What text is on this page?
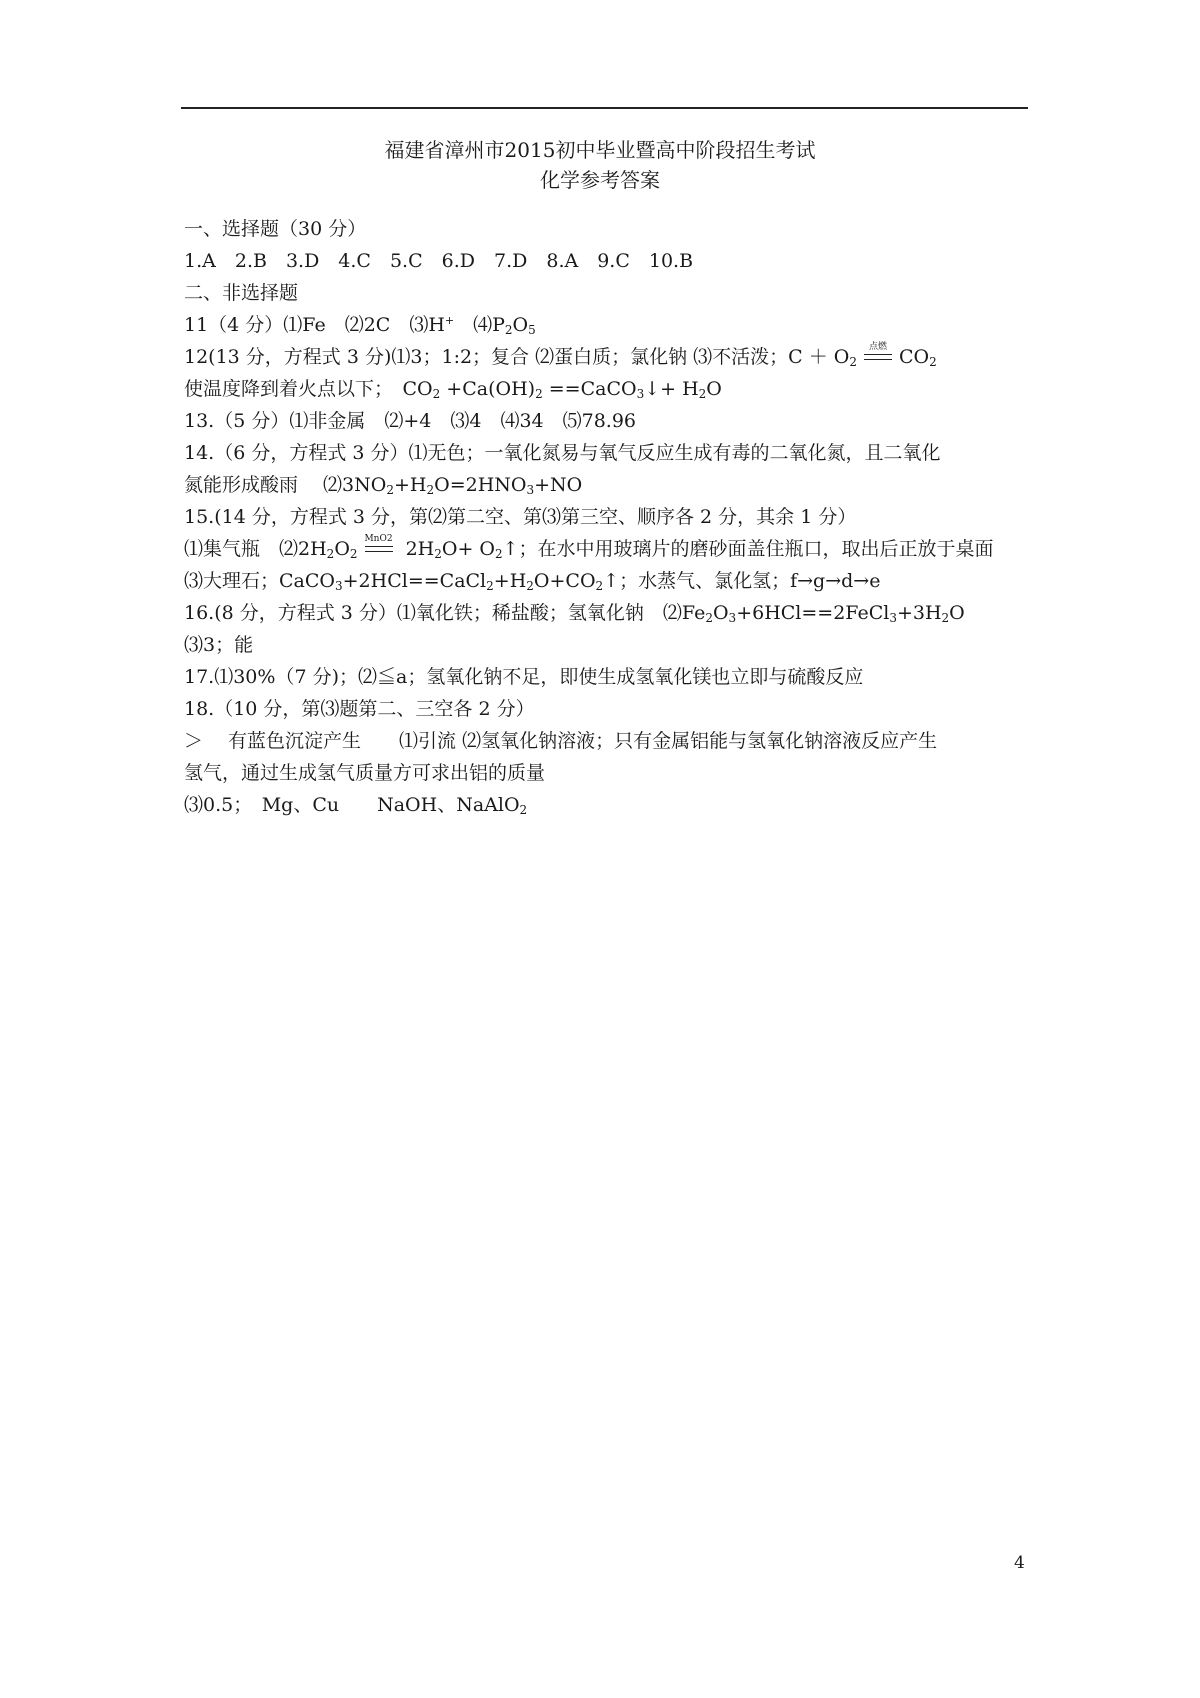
福建省漳州市2015初中毕业暨高中阶段招生考试
化学参考答案
一、选择题（30 分）
1.A　2.B　3.D　4.C　5.C　6.D　7.D　8.A　9.C　10.B
二、非选择题
11（4 分）⑴Fe　⑵2C　⑶H+　$⑷P_2O_5$
12(13 分，方程式 3 分)⑴3；1:2；复合 ⑵蛋白质；氯化钠 ⑶不活泼；$C + O_2$
点燃 $CO_2$
使温度降到着火点以下；　$CO_2 +Ca(OH)_2$ ==CaCO$_3$↓+ $H_2O$
13.（5 分）⑴非金属　⑵+4　⑶4　⑷34　⑸78.96
14.（6 分，方程式 3 分）⑴无色；一氧化氮易与氧气反应生成有毒的二氧化氮，且二氧化
氮能形成酸雨　 $⑵3NO_2+H_2O=2HNO_3+NO$
15.(14 分，方程式 3 分，第⑵第二空、第⑶第三空、顺序各 2 分，其余 1 分）
⑴集气瓶　$⑵2H_2O_2$
MnO2 $2H_2O+$ $O_2↑$；在水中用玻璃片的磨砂面盖住瓶口，取出后正放于桌面
⑶大理石；$CaCO_3+2HCl==CaCl_2+H_2O+CO_2↑$；水蒸气、氯化氢；f→g→d→e
16.(8 分，方程式 3 分）⑴氧化铁；稀盐酸；氢氧化钠　$⑵Fe_2O_3+6HCl==2FeCl_3+3H_2O$
⑶3；能
17.⑴30%（7 分)；⑵≦a；氢氧化钠不足，即使生成氢氧化镁也立即与硫酸反应
18.（10 分，第⑶题第二、三空各 2 分）
＞　 有蓝色沉淀产生　　⑴引流 ⑵氢氧化钠溶液；只有金属铝能与氢氧化钠溶液反应产生
氢气，通过生成氢气质量方可求出铝的质量
⑶0.5；　Mg、Cu　　NaOH、NaAlO$_2$
4
